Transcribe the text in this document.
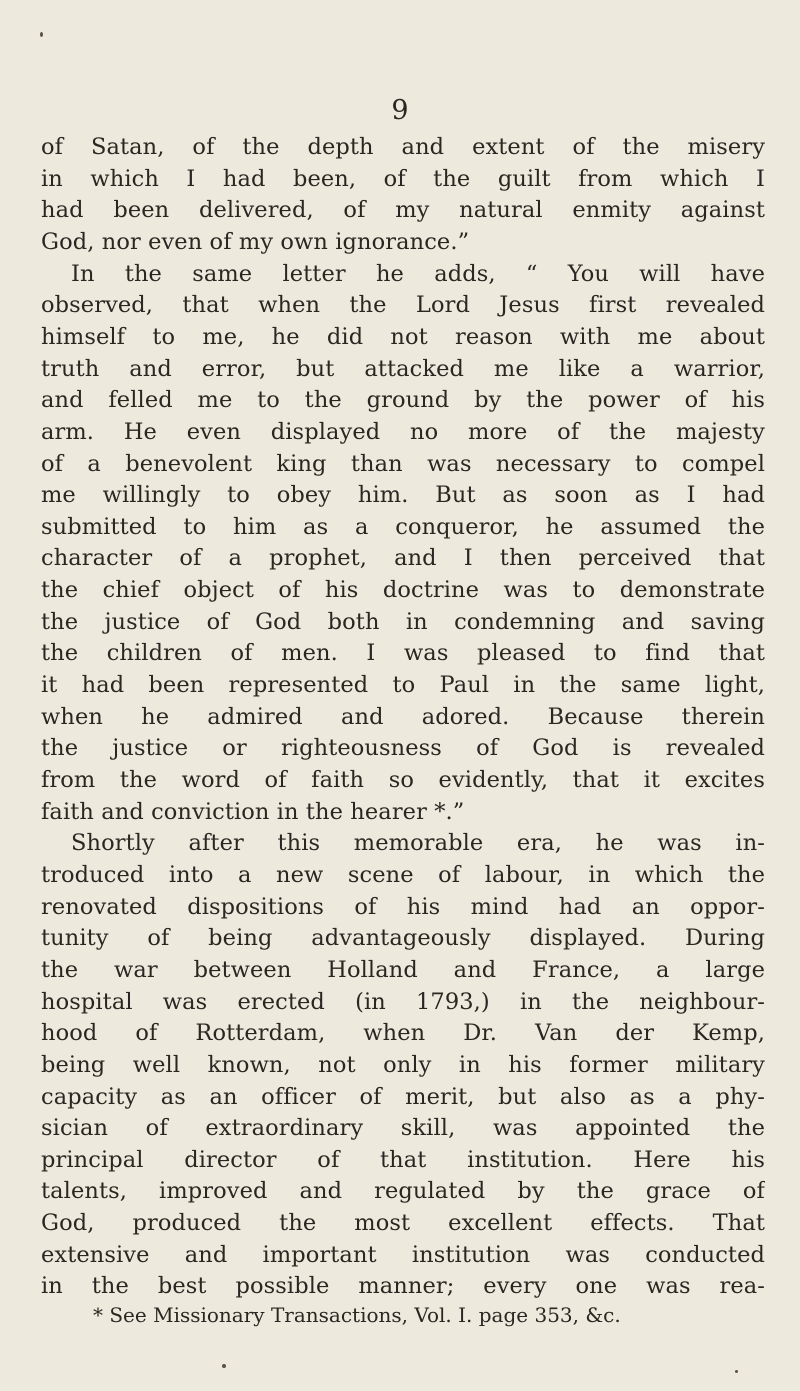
9
of Satan, of the depth and extent of the misery
in which I had been, of the guilt from which I
had been delivered, of my natural enmity against
God, nor even of my own ignorance.”
In the same letter he adds, “ You will have
observed, that when the Lord Jesus first revealed
himself to me, he did not reason with me about
truth and error, but attacked me like a warrior,
and felled me to the ground by the power of his
arm. He even displayed no more of the majesty
of a benevolent king than was necessary to compel
me willingly to obey him. But as soon as I had
submitted to him as a conqueror, he assumed the
character of a prophet, and I then perceived that
the chief object of his doctrine was to demonstrate
the justice of God both in condemning and saving
the children of men. I was pleased to find that
it had been represented to Paul in the same light,
when he admired and adored. Because therein
the justice or righteousness of God is revealed
from the word of faith so evidently, that it excites
faith and conviction in the hearer *.”
Shortly after this memorable era, he was in-
troduced into a new scene of labour, in which the
renovated dispositions of his mind had an oppor-
tunity of being advantageously displayed. During
the war between Holland and France, a large
hospital was erected (in 1793,) in the neighbour-
hood of Rotterdam, when Dr. Van der Kemp,
being well known, not only in his former military
capacity as an officer of merit, but also as a phy-
sician of extraordinary skill, was appointed the
principal director of that institution. Here his
talents, improved and regulated by the grace of
God, produced the most excellent effects. That
extensive and important institution was conducted
in the best possible manner; every one was rea-
* See Missionary Transactions, Vol. I. page 353, &c.
